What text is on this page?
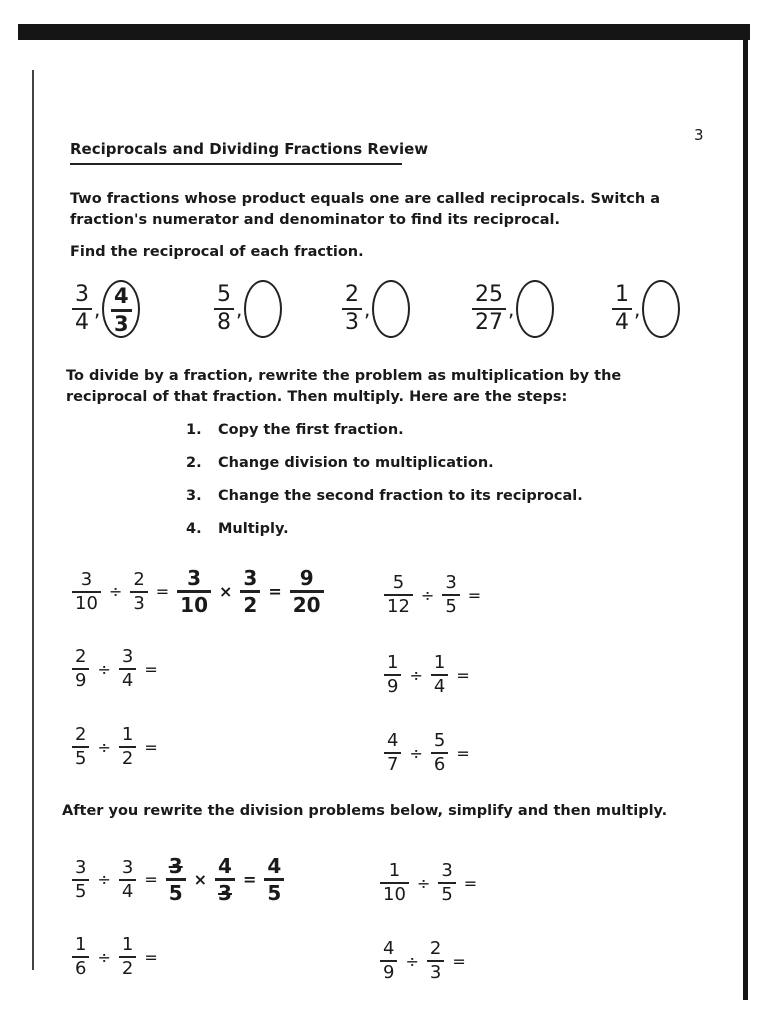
3
Reciprocals and Dividing Fractions Review
Two fractions whose product equals one are called reciprocals. Switch a fraction's numerator and denominator to find its reciprocal.
Find the reciprocal of each fraction.
$\frac{3}{4}$ , $\frac{4}{3}$	$\frac{5}{8}$ ,	$\frac{2}{3}$ ,	$\frac{25}{27}$ ,	$\frac{1}{4}$ ,
To divide by a fraction, rewrite the problem as multiplication by the reciprocal of that fraction. Then multiply. Here are the steps:
1. Copy the first fraction.
2. Change division to multiplication.
3. Change the second fraction to its reciprocal.
4. Multiply.
$\frac{3}{10} \div \frac{2}{3} = \frac{3}{10} \times \frac{3}{2} = \frac{9}{20}$	$\frac{5}{12} \div \frac{3}{5}$ =
$\frac{2}{9} \div \frac{3}{4}$ =	$\frac{1}{9} \div \frac{1}{4}$ =
$\frac{2}{5} \div \frac{1}{2}$ =	$\frac{4}{7} \div \frac{5}{6}$ =
After you rewrite the division problems below, simplify and then multiply.
$\frac{3}{5} \div \frac{3}{4} = \frac{3}{5} \times \frac{4}{3} = \frac{4}{5}$	$\frac{1}{10} \div \frac{3}{5}$ =
$\frac{1}{6} \div \frac{1}{2}$ =	$\frac{4}{9} \div \frac{2}{3}$ =
